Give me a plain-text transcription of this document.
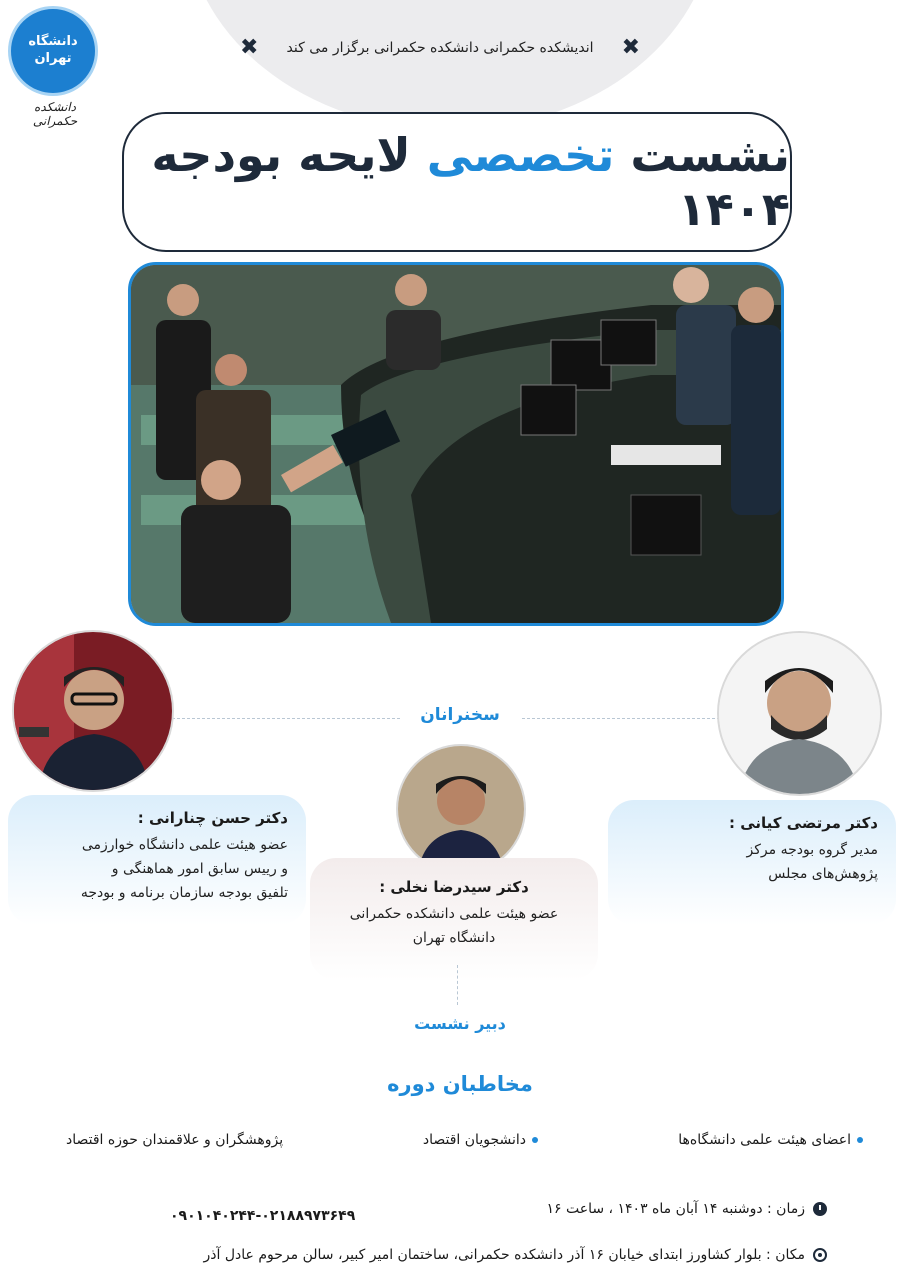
دانشگاه تهران
دانشکده حکمرانی
✖
اندیشکده حکمرانی دانشکده حکمرانی برگزار می کند
✖
نشست تخصصی لایحه بودجه ۱۴۰۴
سخنرانان
دکتر حسن چنارانی :
عضو هیئت علمی دانشگاه خوارزمی
و رییس سابق امور هماهنگی و
تلفیق بودجه سازمان برنامه و بودجه
دکتر مرتضی کیانی :
مدیر گروه بودجه مرکز
پژوهش‌های مجلس
دکتر سیدرضا نخلی :
عضو هیئت علمی دانشکده حکمرانی
دانشگاه تهران
دبیر نشست
مخاطبان دوره
اعضای هیئت علمی دانشگاه‌ها
دانشجویان اقتصاد
پژوهشگران و علاقمندان حوزه اقتصاد
زمان : دوشنبه ۱۴ آبان ماه ۱۴۰۳ ، ساعت ۱۶
۰۹۰۱۰۴۰۲۴۴-۰۲۱۸۸۹۷۳۶۴۹
مکان : بلوار کشاورز ابتدای خیابان ۱۶ آذر دانشکده حکمرانی، ساختمان امیر کبیر، سالن مرحوم عادل آذر
